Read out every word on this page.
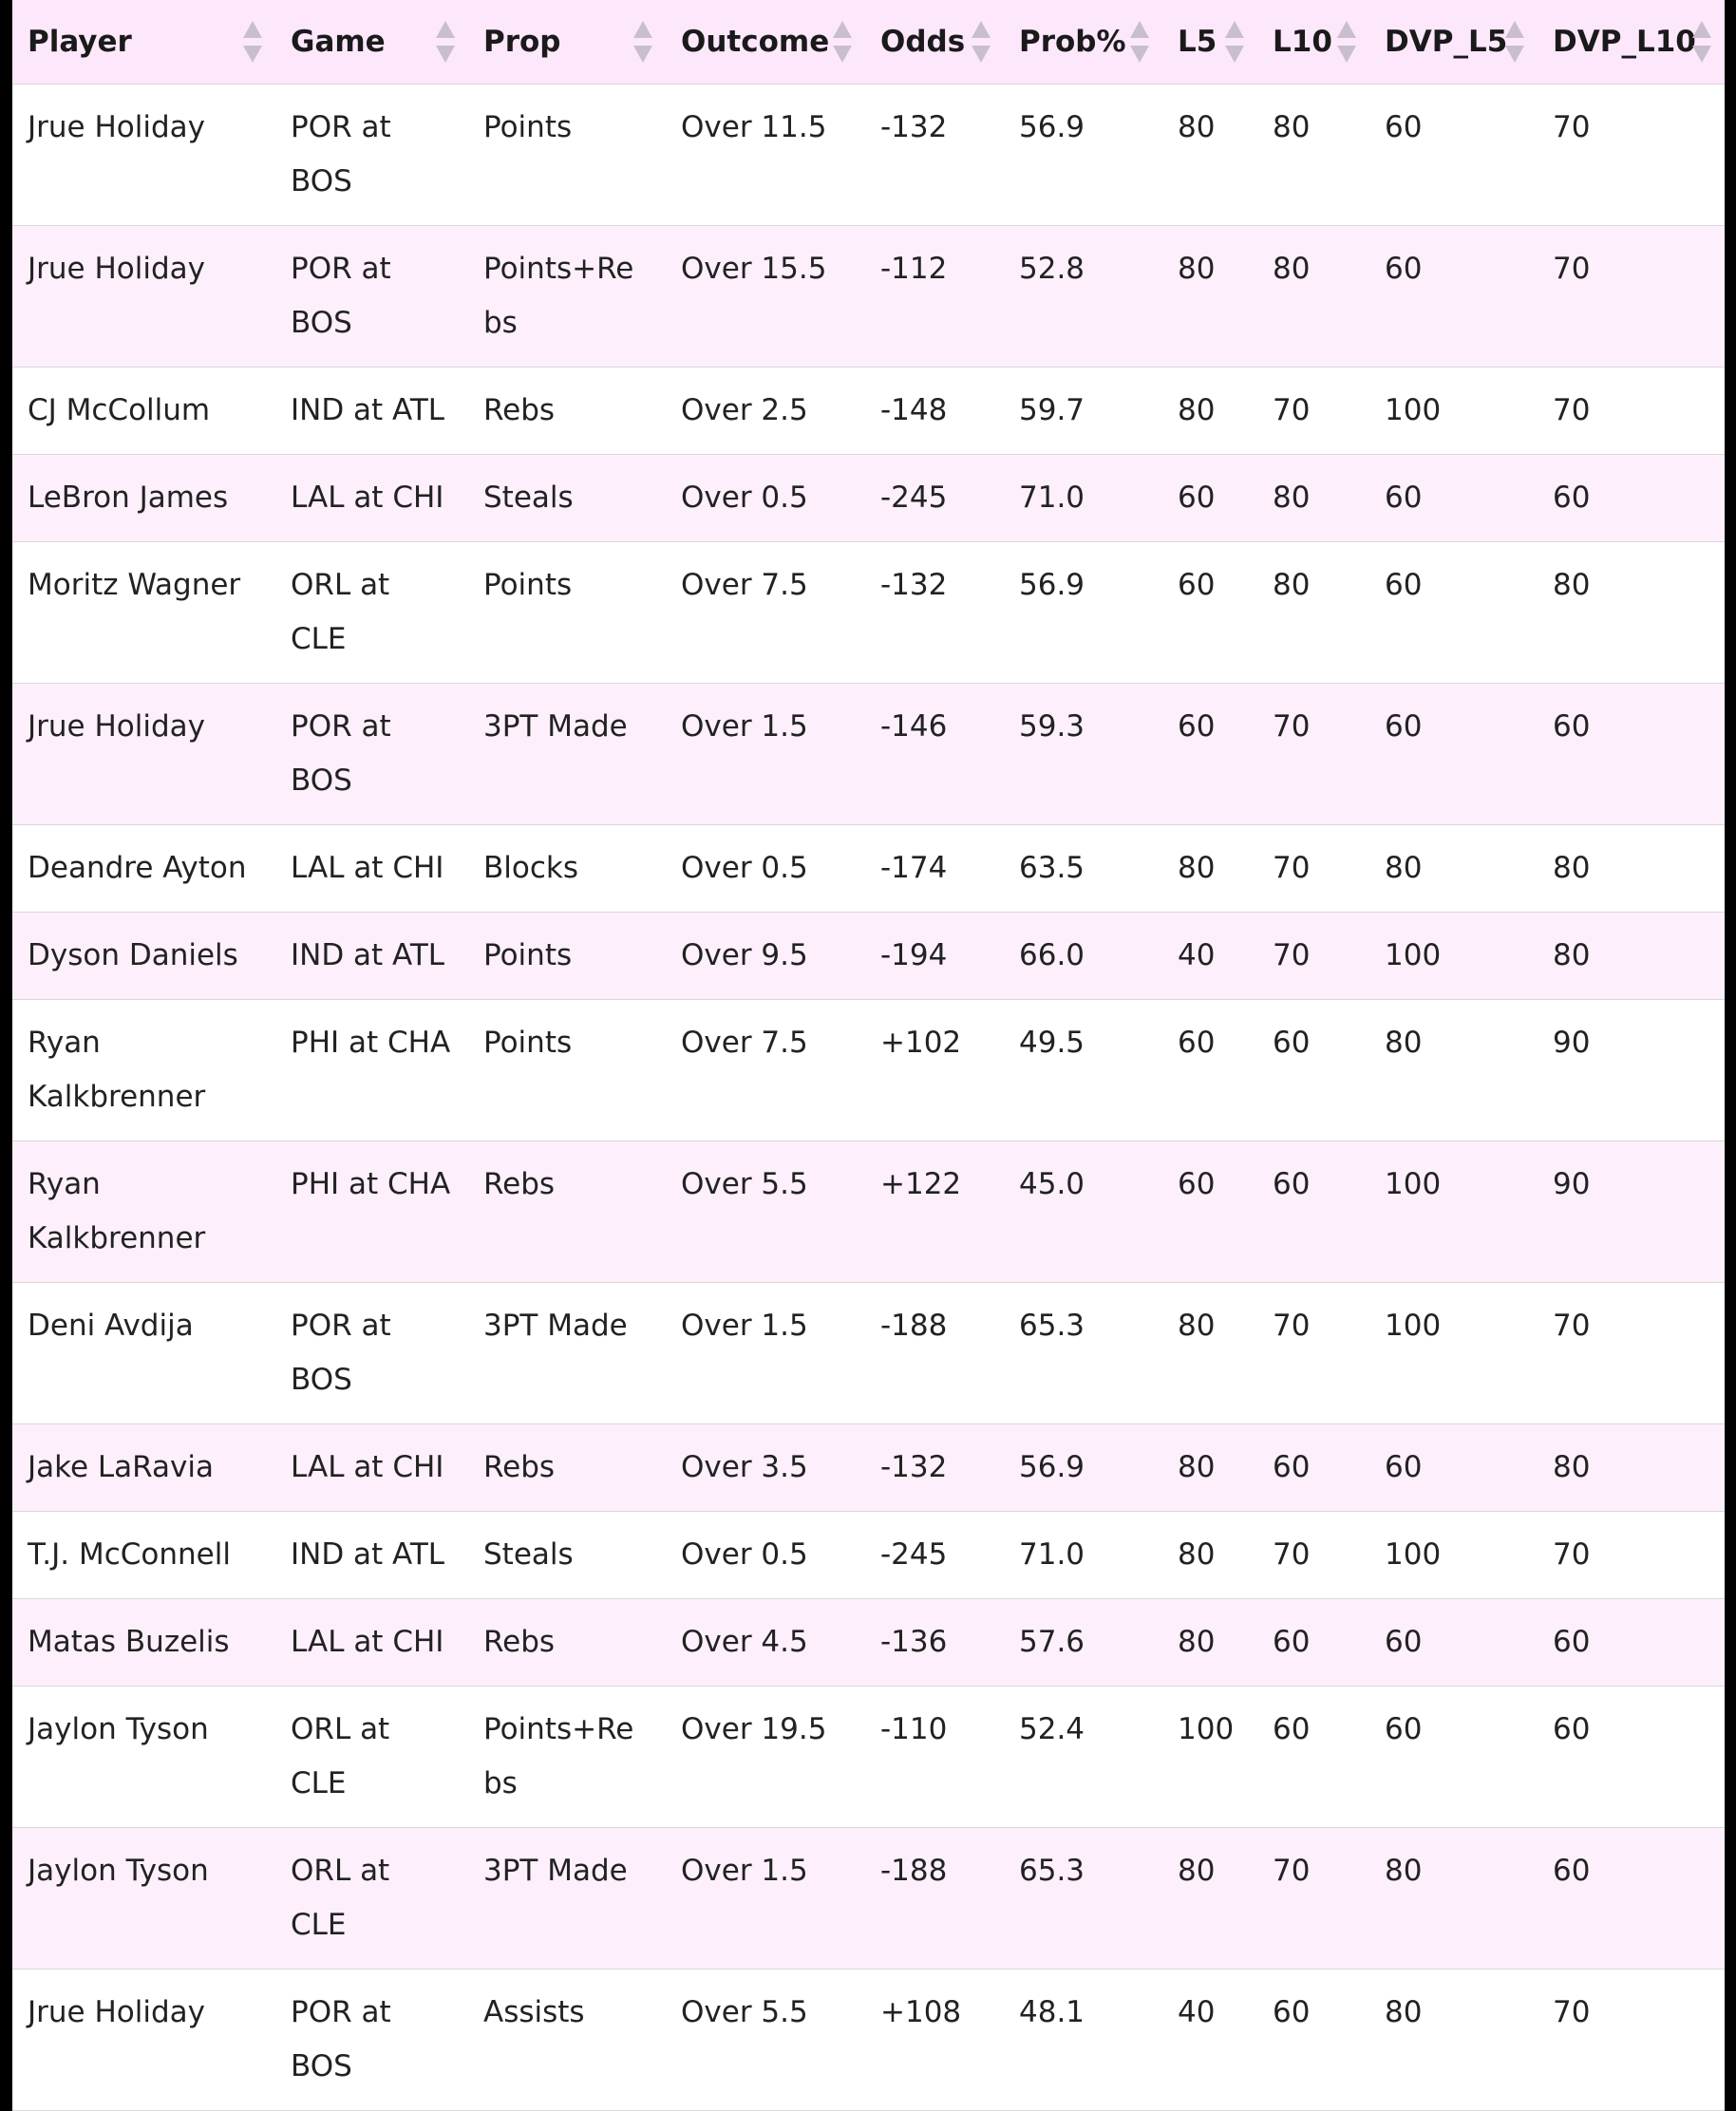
Player	Game	Prop	Outcome	Odds	Prob%	L5	L10	DVP_L5	DVP_L10

Jrue Holiday	POR at BOS	Points	Over 11.5	-132	56.9	80	80	60	70
Jrue Holiday	POR at BOS	Points+Rebs	Over 15.5	-112	52.8	80	80	60	70
CJ McCollum	IND at ATL	Rebs	Over 2.5	-148	59.7	80	70	100	70
LeBron James	LAL at CHI	Steals	Over 0.5	-245	71.0	60	80	60	60
Moritz Wagner	ORL at CLE	Points	Over 7.5	-132	56.9	60	80	60	80
Jrue Holiday	POR at BOS	3PT Made	Over 1.5	-146	59.3	60	70	60	60
Deandre Ayton	LAL at CHI	Blocks	Over 0.5	-174	63.5	80	70	80	80
Dyson Daniels	IND at ATL	Points	Over 9.5	-194	66.0	40	70	100	80
Ryan Kalkbrenner	PHI at CHA	Points	Over 7.5	+102	49.5	60	60	80	90
Ryan Kalkbrenner	PHI at CHA	Rebs	Over 5.5	+122	45.0	60	60	100	90
Deni Avdija	POR at BOS	3PT Made	Over 1.5	-188	65.3	80	70	100	70
Jake LaRavia	LAL at CHI	Rebs	Over 3.5	-132	56.9	80	60	60	80
T.J. McConnell	IND at ATL	Steals	Over 0.5	-245	71.0	80	70	100	70
Matas Buzelis	LAL at CHI	Rebs	Over 4.5	-136	57.6	80	60	60	60
Jaylon Tyson	ORL at CLE	Points+Rebs	Over 19.5	-110	52.4	100	60	60	60
Jaylon Tyson	ORL at CLE	3PT Made	Over 1.5	-188	65.3	80	70	80	60
Jrue Holiday	POR at BOS	Assists	Over 5.5	+108	48.1	40	60	80	70
